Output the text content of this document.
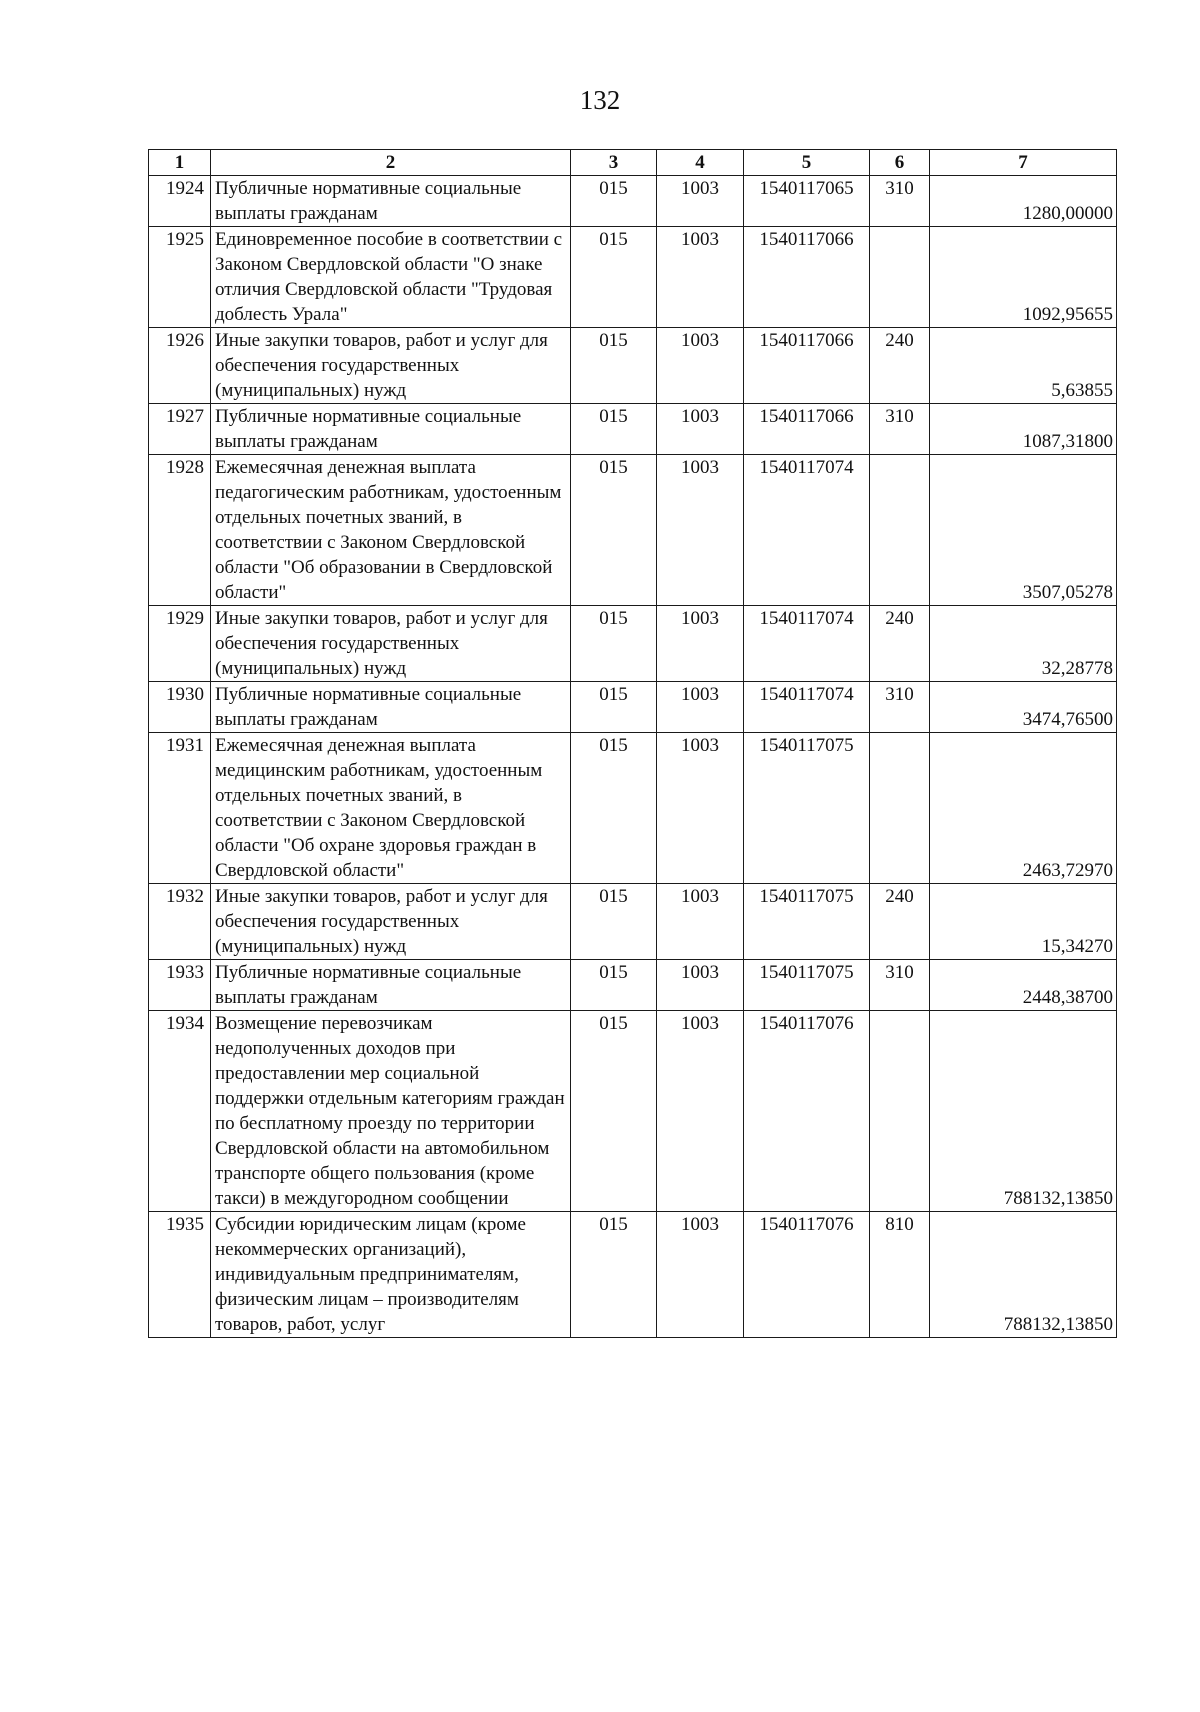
132
1	2	3	4	5	6	7
1924	Публичные нормативные социальные выплаты гражданам	015	1003	1540117065	310	1280,00000
1925	Единовременное пособие в соответствии с Законом Свердловской области "О знаке отличия Свердловской области "Трудовая доблесть Урала"	015	1003	1540117066		1092,95655
1926	Иные закупки товаров, работ и услуг для обеспечения государственных (муниципальных) нужд	015	1003	1540117066	240	5,63855
1927	Публичные нормативные социальные выплаты гражданам	015	1003	1540117066	310	1087,31800
1928	Ежемесячная денежная выплата педагогическим работникам, удостоенным отдельных почетных званий, в соответствии с Законом Свердловской области "Об образовании в Свердловской области"	015	1003	1540117074		3507,05278
1929	Иные закупки товаров, работ и услуг для обеспечения государственных (муниципальных) нужд	015	1003	1540117074	240	32,28778
1930	Публичные нормативные социальные выплаты гражданам	015	1003	1540117074	310	3474,76500
1931	Ежемесячная денежная выплата медицинским работникам, удостоенным отдельных почетных званий, в соответствии с Законом Свердловской области "Об охране здоровья граждан в Свердловской области"	015	1003	1540117075		2463,72970
1932	Иные закупки товаров, работ и услуг для обеспечения государственных (муниципальных) нужд	015	1003	1540117075	240	15,34270
1933	Публичные нормативные социальные выплаты гражданам	015	1003	1540117075	310	2448,38700
1934	Возмещение перевозчикам недополученных доходов при предоставлении мер социальной поддержки отдельным категориям граждан по бесплатному проезду по территории Свердловской области на автомобильном транспорте общего пользования (кроме такси) в междугородном сообщении	015	1003	1540117076		788132,13850
1935	Субсидии юридическим лицам (кроме некоммерческих организаций), индивидуальным предпринимателям, физическим лицам – производителям товаров, работ, услуг	015	1003	1540117076	810	788132,13850
